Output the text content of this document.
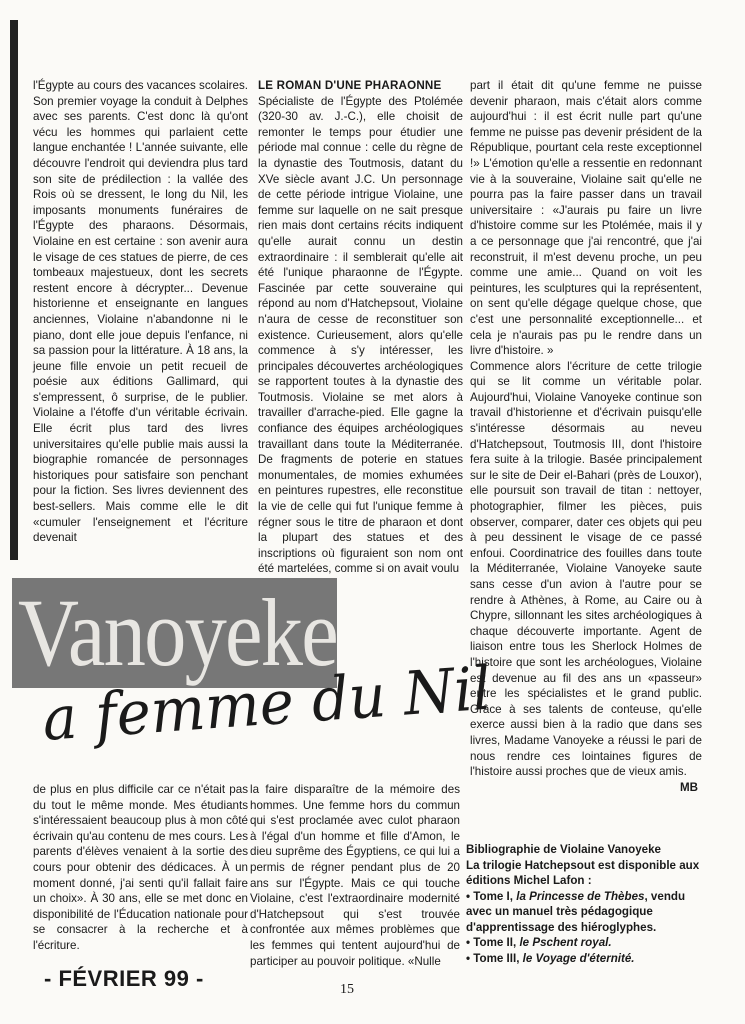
l'Égypte au cours des vacances scolaires. Son premier voyage la conduit à Delphes avec ses parents. C'est donc là qu'ont vécu les hommes qui parlaient cette langue enchantée ! L'année suivante, elle découvre l'endroit qui deviendra plus tard son site de prédilection : la vallée des Rois où se dressent, le long du Nil, les imposants monuments funéraires de l'Égypte des pharaons. Désormais, Violaine en est certaine : son avenir aura le visage de ces statues de pierre, de ces tombeaux majestueux, dont les secrets restent encore à décrypter... Devenue historienne et enseignante en langues anciennes, Violaine n'abandonne ni le piano, dont elle joue depuis l'enfance, ni sa passion pour la littérature. À 18 ans, la jeune fille envoie un petit recueil de poésie aux éditions Gallimard, qui s'empressent, ô surprise, de le publier. Violaine a l'étoffe d'un véritable écrivain. Elle écrit plus tard des livres universitaires qu'elle publie mais aussi la biographie romancée de personnages historiques pour satisfaire son penchant pour la fiction. Ses livres deviennent des best-sellers. Mais comme elle le dit «cumuler l'enseignement et l'écriture devenait

LE ROMAN D'UNE PHARAONNE

Spécialiste de l'Égypte des Ptolémée (320-30 av. J.-C.), elle choisit de remonter le temps pour étudier une période mal connue : celle du règne de la dynastie des Toutmosis, datant du XVe siècle avant J.C. Un personnage de cette période intrigue Violaine, une femme sur laquelle on ne sait presque rien mais dont certains récits indiquent qu'elle aurait connu un destin extraordinaire : il semblerait qu'elle ait été l'unique pharaonne de l'Égypte. Fascinée par cette souveraine qui répond au nom d'Hatchepsout, Violaine n'aura de cesse de reconstituer son existence. Curieusement, alors qu'elle commence à s'y intéresser, les principales découvertes archéologiques se rapportent toutes à la dynastie des Toutmosis. Violaine se met alors à travailler d'arrache-pied. Elle gagne la confiance des équipes archéologiques travaillant dans toute la Méditerranée. De fragments de poterie en statues monumentales, de momies exhumées en peintures rupestres, elle reconstitue la vie de celle qui fut l'unique femme à régner sous le titre de pharaon et dont la plupart des statues et des inscriptions où figuraient son nom ont été martelées, comme si on avait voulu

part il était dit qu'une femme ne puisse devenir pharaon, mais c'était alors comme aujourd'hui : il est écrit nulle part qu'une femme ne puisse pas devenir président de la République, pourtant cela reste exceptionnel !» L'émotion qu'elle a ressentie en redonnant vie à la souveraine, Violaine sait qu'elle ne pourra pas la faire passer dans un travail universitaire : «J'aurais pu faire un livre d'histoire comme sur les Ptolémée, mais il y a ce personnage que j'ai rencontré, que j'ai reconstruit, il m'est devenu proche, un peu comme une amie... Quand on voit les peintures, les sculptures qui la représentent, on sent qu'elle dégage quelque chose, que c'est une personnalité exceptionnelle... et cela je n'aurais pas pu le rendre dans un livre d'histoire. »

Commence alors l'écriture de cette trilogie qui se lit comme un véritable polar. Aujourd'hui, Violaine Vanoyeke continue son travail d'historienne et d'écrivain puisqu'elle s'intéresse désormais au neveu d'Hatchepsout, Toutmosis III, dont l'histoire fera suite à la trilogie. Basée principalement sur le site de Deir el-Bahari (près de Louxor), elle poursuit son travail de titan : nettoyer, photographier, filmer les pièces, puis observer, comparer, dater ces objets qui peu à peu dessinent le visage de ce passé enfoui. Coordinatrice des fouilles dans toute la Méditerranée, Violaine Vanoyeke saute sans cesse d'un avion à l'autre pour se rendre à Athènes, à Rome, au Caire ou à Chypre, sillonnant les sites archéologiques à chaque découverte importante. Agent de liaison entre tous les Sherlock Holmes de l'histoire que sont les archéologues, Violaine est devenue au fil des ans un «passeur» entre les spécialistes et le grand public. Grâce à ses talents de conteuse, qu'elle exerce aussi bien à la radio que dans ses livres, Madame Vanoyeke a réussi le pari de nous rendre ces lointaines figures de l'histoire aussi proches que de vieux amis.
MB

Vanoyeke
a femme du Nil

de plus en plus difficile car ce n'était pas du tout le même monde. Mes étudiants s'intéressaient beaucoup plus à mon côté écrivain qu'au contenu de mes cours. Les parents d'élèves venaient à la sortie des cours pour obtenir des dédicaces. À un moment donné, j'ai senti qu'il fallait faire un choix». À 30 ans, elle se met donc en disponibilité de l'Éducation nationale pour se consacrer à la recherche et à l'écriture.

la faire disparaître de la mémoire des hommes. Une femme hors du commun qui s'est proclamée avec culot pharaon à l'égal d'un homme et fille d'Amon, le dieu suprême des Égyptiens, ce qui lui a permis de régner pendant plus de 20 ans sur l'Égypte. Mais ce qui touche Violaine, c'est l'extraordinaire modernité d'Hatchepsout qui s'est trouvée confrontée aux mêmes problèmes que les femmes qui tentent aujourd'hui de participer au pouvoir politique. «Nulle

Bibliographie de Violaine Vanoyeke
La trilogie Hatchepsout est disponible aux éditions Michel Lafon :
• Tome I, la Princesse de Thèbes, vendu avec un manuel très pédagogique d'apprentissage des hiéroglyphes.
• Tome II, le Pschent royal.
• Tome III, le Voyage d'éternité.
- FÉVRIER 99 -	15
